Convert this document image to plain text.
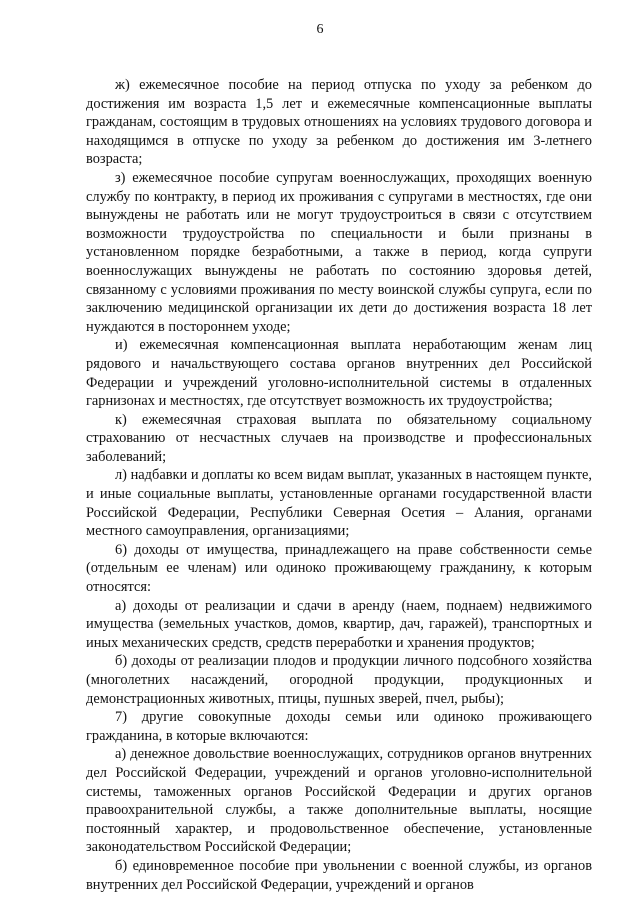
6

ж) ежемесячное пособие на период отпуска по уходу за ребенком до достижения им возраста 1,5 лет и ежемесячные компенсационные выплаты гражданам, состоящим в трудовых отношениях на условиях трудового договора и находящимся в отпуске по уходу за ребенком до достижения им 3-летнего возраста;

з) ежемесячное пособие супругам военнослужащих, проходящих военную службу по контракту, в период их проживания с супругами в местностях, где они вынуждены не работать или не могут трудоустроиться в связи с отсутствием возможности трудоустройства по специальности и были признаны в установленном порядке безработными, а также в период, когда супруги военнослужащих вынуждены не работать по состоянию здоровья детей, связанному с условиями проживания по месту воинской службы супруга, если по заключению медицинской организации их дети до достижения возраста 18 лет нуждаются в постороннем уходе;

и) ежемесячная компенсационная выплата неработающим женам лиц рядового и начальствующего состава органов внутренних дел Российской Федерации и учреждений уголовно-исполнительной системы в отдаленных гарнизонах и местностях, где отсутствует возможность их трудоустройства;

к) ежемесячная страховая выплата по обязательному социальному страхованию от несчастных случаев на производстве и профессиональных заболеваний;

л) надбавки и доплаты ко всем видам выплат, указанных в настоящем пункте, и иные социальные выплаты, установленные органами государственной власти Российской Федерации, Республики Северная Осетия – Алания, органами местного самоуправления, организациями;

6) доходы от имущества, принадлежащего на праве собственности семье (отдельным ее членам) или одиноко проживающему гражданину, к которым относятся:

а) доходы от реализации и сдачи в аренду (наем, поднаем) недвижимого имущества (земельных участков, домов, квартир, дач, гаражей), транспортных и иных механических средств, средств переработки и хранения продуктов;

б) доходы от реализации плодов и продукции личного подсобного хозяйства (многолетних насаждений, огородной продукции, продукционных и демонстрационных животных, птицы, пушных зверей, пчел, рыбы);

7) другие совокупные доходы семьи или одиноко проживающего гражданина, в которые включаются:

а) денежное довольствие военнослужащих, сотрудников органов внутренних дел Российской Федерации, учреждений и органов уголовно-исполнительной системы, таможенных органов Российской Федерации и других органов правоохранительной службы, а также дополнительные выплаты, носящие постоянный характер, и продовольственное обеспечение, установленные законодательством Российской Федерации;

б) единовременное пособие при увольнении с военной службы, из органов внутренних дел Российской Федерации, учреждений и органов
